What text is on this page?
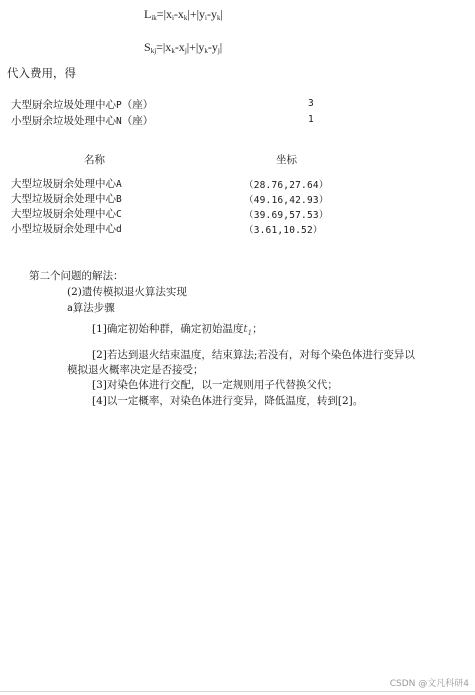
$L_{ik}=|x_i-x_k|+|y_i-y_k|$
$S_{kj}=|x_k-x_j|+|y_k-y_j|$
代入费用，得
大型厨余垃圾处理中心P（座）	3
小型厨余垃圾处理中心N（座）	1
名称	坐标
大型垃圾厨余处理中心A	（28.76,27.64）
大型垃圾厨余处理中心B	（49.16,42.93）
大型垃圾厨余处理中心C	（39.69,57.53）
小型垃圾厨余处理中心d	（3.61,10.52）
第二个问题的解法：
(2)遗传模拟退火算法实现
a算法步骤
[1]确定初始种群，确定初始温度$t_1$；
[2]若达到退火结束温度，结束算法;若没有，对每个染色体进行变异以
模拟退火概率决定是否接受；
[3]对染色体进行交配，以一定规则用子代替换父代；
[4]以一定概率，对染色体进行变异，降低温度，转到[2]。
CSDN @文凡科研4
